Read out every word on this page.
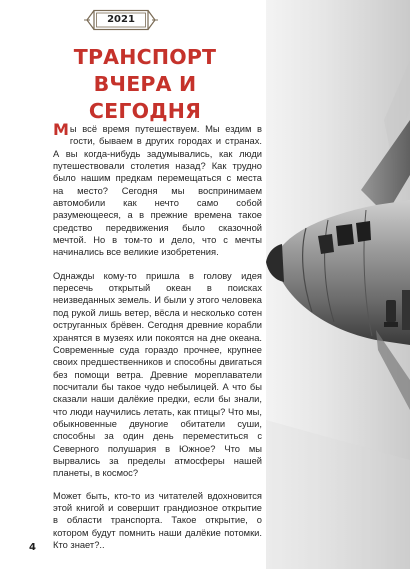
2021
ТРАНСПОРТ
ВЧЕРА И СЕГОДНЯ

Мы всё время путешествуем. Мы ездим в гости, бываем в других городах и странах. А вы когда-нибудь задумывались, как люди путешествовали столетия назад? Как трудно было нашим предкам перемещаться с места на место? Сегодня мы воспринимаем автомобили как нечто само собой разумеющееся, а в прежние времена такое средство передвижения было сказочной мечтой. Но в том-то и дело, что с мечты начинались все великие изобретения.

Однажды кому-то пришла в голову идея пересечь открытый океан в поисках неизведанных земель. И были у этого человека под рукой лишь ветер, вёсла и несколько сотен оструганных брёвен. Сегодня древние корабли хранятся в музеях или покоятся на дне океана. Современные суда гораздо прочнее, крупнее своих предшественников и способны двигаться без помощи ветра. Древние мореплаватели посчитали бы такое чудо небылицей. А что бы сказали наши далёкие предки, если бы знали, что люди научились летать, как птицы? Что мы, обыкновенные двуногие обитатели суши, способны за один день переместиться с Северного полушария в Южное? Что мы вырвались за пределы атмосферы нашей планеты, в космос?

Может быть, кто-то из читателей вдохновится этой книгой и совершит грандиозное открытие в области транспорта. Такое открытие, о котором будут помнить наши далёкие потомки. Кто знает?..

4
